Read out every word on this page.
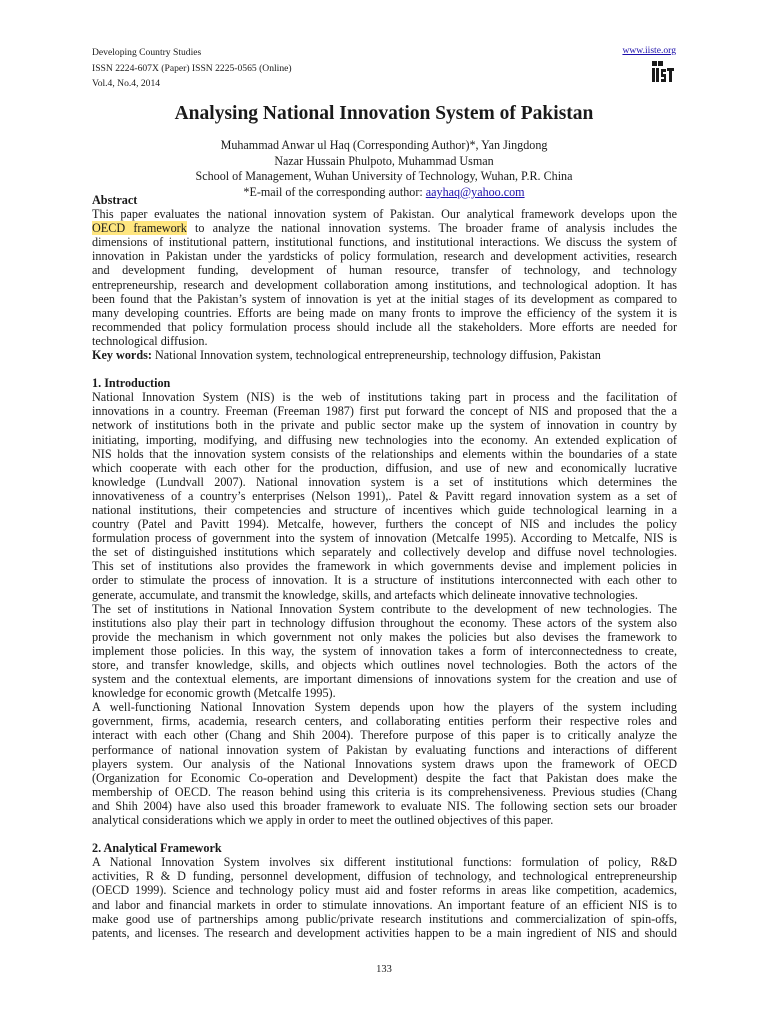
Developing Country Studies
ISSN 2224-607X (Paper) ISSN 2225-0565 (Online)
Vol.4, No.4, 2014
www.iiste.org
Analysing National Innovation System of Pakistan
Muhammad Anwar ul Haq (Corresponding Author)*, Yan Jingdong
Nazar Hussain Phulpoto, Muhammad Usman
School of Management, Wuhan University of Technology, Wuhan, P.R. China
*E-mail of the corresponding author: aayhaq@yahoo.com

Abstract

This paper evaluates the national innovation system of Pakistan. Our analytical framework develops upon the

OECD framework to analyze the national innovation systems. The broader frame of analysis includes the

dimensions of institutional pattern, institutional functions, and institutional interactions. We discuss the system of

innovation in Pakistan under the yardsticks of policy formulation, research and development activities, research

and development funding, development of human resource, transfer of technology, and technology

entrepreneurship, research and development collaboration among institutions, and technological adoption. It has

been found that the Pakistan’s system of innovation is yet at the initial stages of its development as compared to

many developing countries. Efforts are being made on many fronts to improve the efficiency of the system it is

recommended that policy formulation process should include all the stakeholders. More efforts are needed for

technological diffusion.

Key words: National Innovation system, technological entrepreneurship, technology diffusion, Pakistan

1. Introduction

National Innovation System (NIS) is the web of institutions taking part in process and the facilitation of

innovations in a country. Freeman (Freeman 1987) first put forward the concept of NIS and proposed that the a

network of institutions both in the private and public sector make up the system of innovation in country by

initiating, importing, modifying, and diffusing new technologies into the economy. An extended explication of

NIS holds that the innovation system consists of the relationships and elements within the boundaries of a state

which cooperate with each other for the production, diffusion, and use of new and economically lucrative

knowledge (Lundvall 2007). National innovation system is a set of institutions which determines the

innovativeness of a country’s enterprises (Nelson 1991),. Patel & Pavitt regard innovation system as a set of

national institutions, their competencies and structure of incentives which guide technological learning in a

country (Patel and Pavitt 1994). Metcalfe, however, furthers the concept of NIS and includes the policy

formulation process of government into the system of innovation (Metcalfe 1995). According to Metcalfe, NIS is

the set of distinguished institutions which separately and collectively develop and diffuse novel technologies.

This set of institutions also provides the framework in which governments devise and implement policies in

order to stimulate the process of innovation. It is a structure of institutions interconnected with each other to

generate, accumulate, and transmit the knowledge, skills, and artefacts which delineate innovative technologies.

The set of institutions in National Innovation System contribute to the development of new technologies. The

institutions also play their part in technology diffusion throughout the economy. These actors of the system also

provide the mechanism in which government not only makes the policies but also devises the framework to

implement those policies. In this way, the system of innovation takes a form of interconnectedness to create,

store, and transfer knowledge, skills, and objects which outlines novel technologies. Both the actors of the

system and the contextual elements, are important dimensions of innovations system for the creation and use of

knowledge for economic growth (Metcalfe 1995).

A well-functioning National Innovation System depends upon how the players of the system including

government, firms, academia, research centers, and collaborating entities perform their respective roles and

interact with each other (Chang and Shih 2004). Therefore purpose of this paper is to critically analyze the

performance of national innovation system of Pakistan by evaluating functions and interactions of different

players system. Our analysis of the National Innovations system draws upon the framework of OECD

(Organization for Economic Co-operation and Development) despite the fact that Pakistan does make the

membership of OECD. The reason behind using this criteria is its comprehensiveness. Previous studies (Chang

and Shih 2004) have also used this broader framework to evaluate NIS. The following section sets our broader

analytical considerations which we apply in order to meet the outlined objectives of this paper.

2. Analytical Framework

A National Innovation System involves six different institutional functions: formulation of policy, R&D

activities, R & D funding, personnel development, diffusion of technology, and technological entrepreneurship

(OECD 1999). Science and technology policy must aid and foster reforms in areas like competition, academics,

and labor and financial markets in order to stimulate innovations. An important feature of an efficient NIS is to

make good use of partnerships among public/private research institutions and commercialization of spin-offs,

patents, and licenses. The research and development activities happen to be a main ingredient of NIS and should

133
